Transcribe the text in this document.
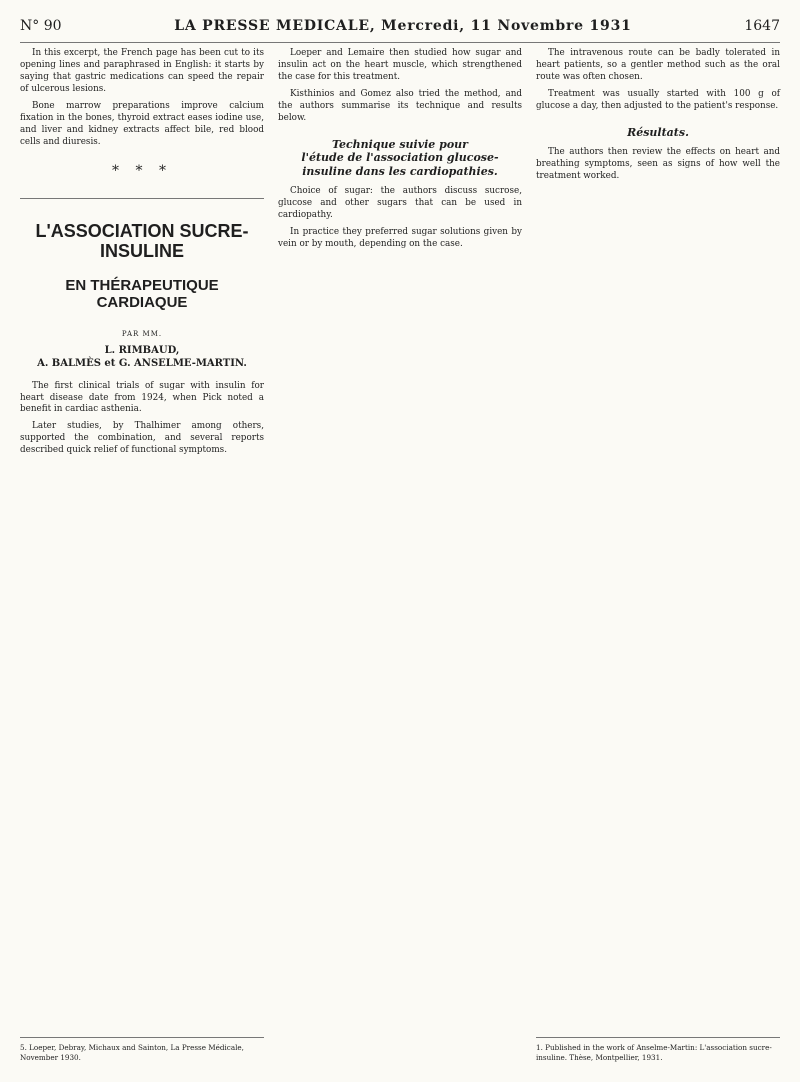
N° 90	LA PRESSE MEDICALE, Mercredi, 11 Novembre 1931	1647

In this excerpt, the French page has been cut to its opening lines and paraphrased in English: it starts by saying that gastric medications can speed the repair of ulcerous lesions.

Bone marrow preparations improve calcium fixation in the bones, thyroid extract eases iodine use, and liver and kidney extracts affect bile, red blood cells and diuresis.

* * *
L'ASSOCIATION SUCRE-INSULINE
EN THÉRAPEUTIQUE CARDIAQUE
PAR MM.
L. RIMBAUD,
A. BALMÈS et G. ANSELME-MARTIN.

The first clinical trials of sugar with insulin for heart disease date from 1924, when Pick noted a benefit in cardiac asthenia.

Later studies, by Thalhimer among others, supported the combination, and several reports described quick relief of functional symptoms.

5. Loeper, Debray, Michaux and Sainton, La Presse Médicale, November 1930.

Loeper and Lemaire then studied how sugar and insulin act on the heart muscle, which strengthened the case for this treatment.

Kisthinios and Gomez also tried the method, and the authors summarise its technique and results below.

Technique suivie pour
l'étude de l'association glucose-insuline dans les cardiopathies.

Choice of sugar: the authors discuss sucrose, glucose and other sugars that can be used in cardiopathy.

In practice they preferred sugar solutions given by vein or by mouth, depending on the case.

The intravenous route can be badly tolerated in heart patients, so a gentler method such as the oral route was often chosen.

Treatment was usually started with 100 g of glucose a day, then adjusted to the patient's response.

Résultats.

The authors then review the effects on heart and breathing symptoms, seen as signs of how well the treatment worked.

1. Published in the work of Anselme-Martin: L'association sucre-insuline. Thèse, Montpellier, 1931.
